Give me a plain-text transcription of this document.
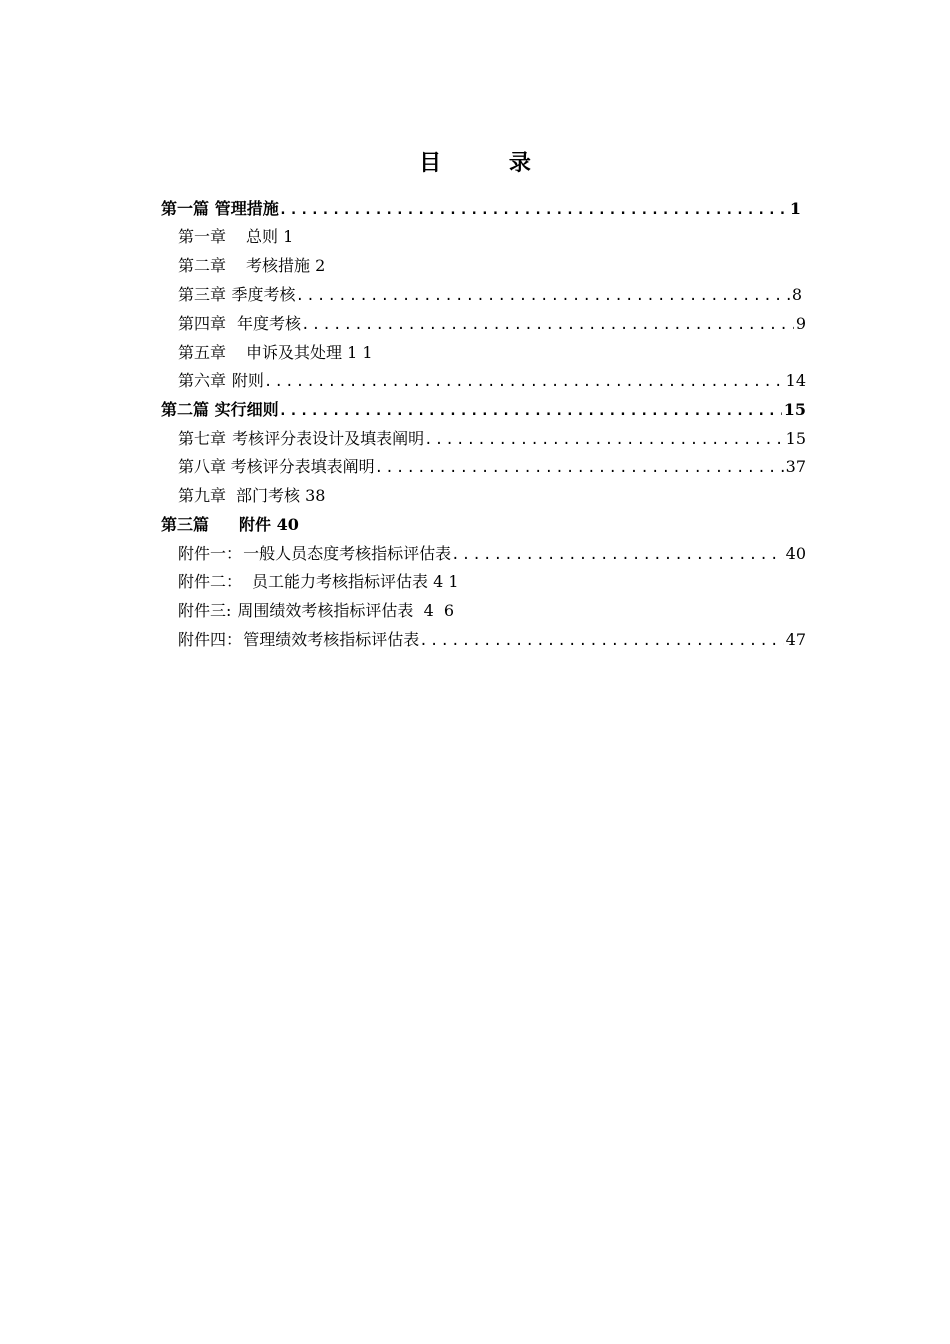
目 录
第一篇 管理措施 .....	1
第一章 总则 1
第二章 考核措施 2
第三章 季度考核 .....	8
第四章 年度考核 .....	9
第五章 申诉及其处理 1 1
第六章 附则 .....	14
第二篇 实行细则 .....	15
第七章 考核评分表设计及填表阐明 .....	15
第八章 考核评分表填表阐明 .....	37
第九章 部门考核 38
第三篇 附件 40
附件一： 一般人员态度考核指标评估表 .....	40
附件二： 员工能力考核指标评估表 4 1
附件三: 周围绩效考核指标评估表  4  6
附件四： 管理绩效考核指标评估表 .....	47
